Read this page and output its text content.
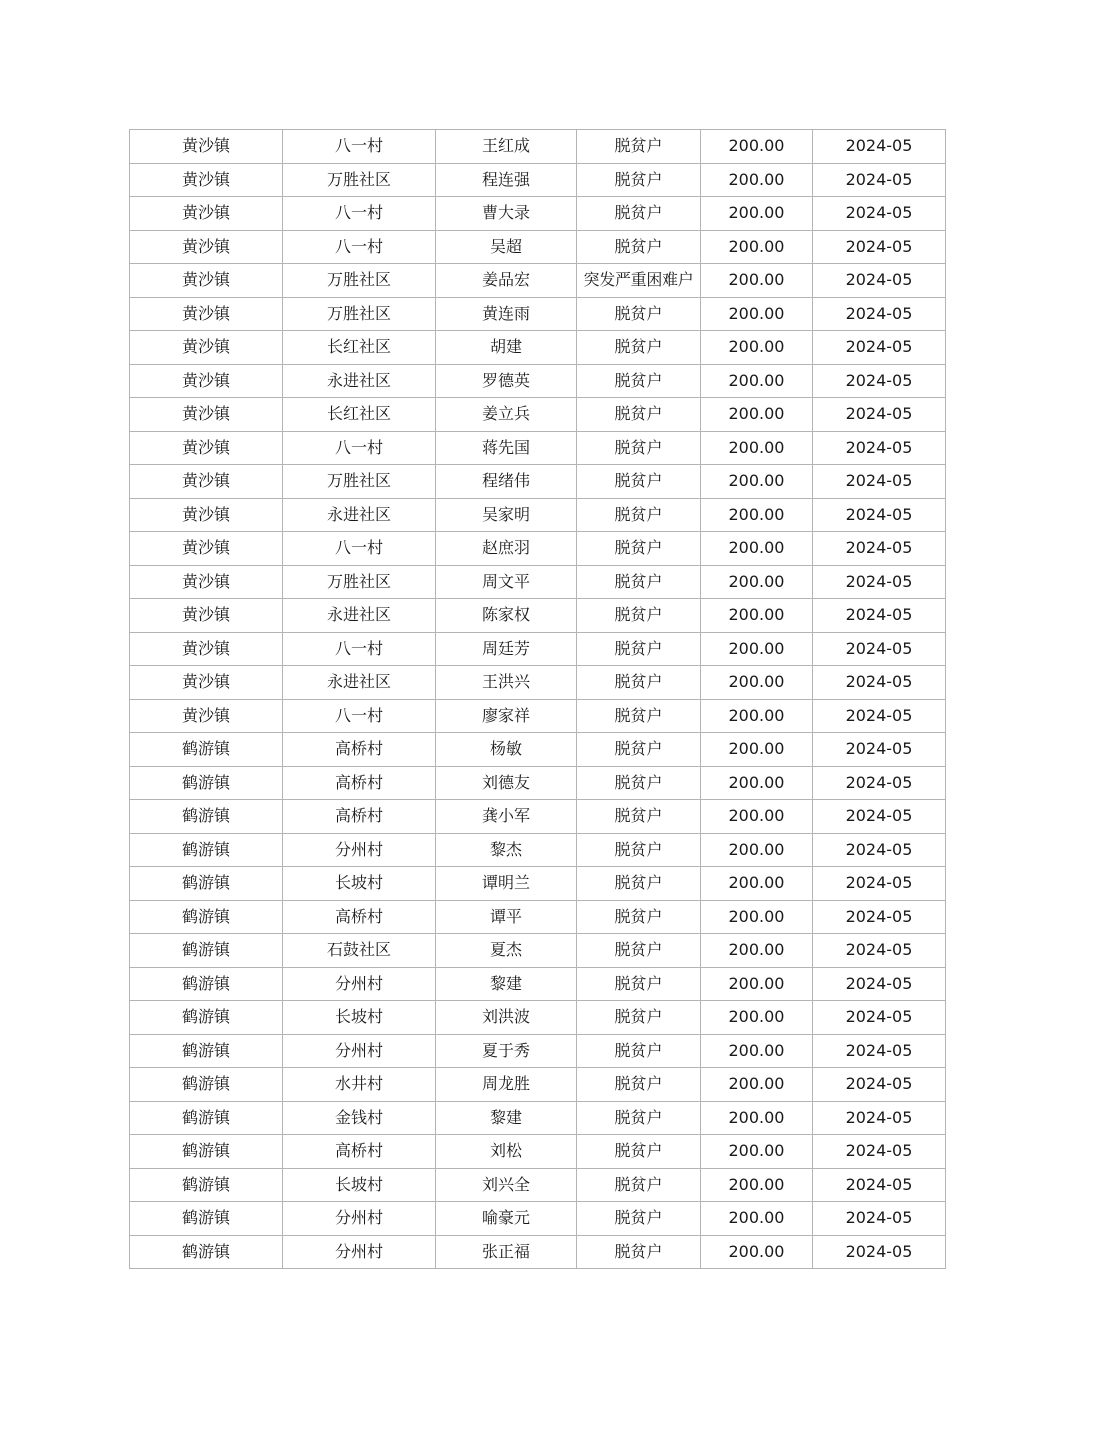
黄沙镇	八一村	王红成	脱贫户	200.00	2024-05
黄沙镇	万胜社区	程连强	脱贫户	200.00	2024-05
黄沙镇	八一村	曹大录	脱贫户	200.00	2024-05
黄沙镇	八一村	吴超	脱贫户	200.00	2024-05
黄沙镇	万胜社区	姜品宏	突发严重困难户	200.00	2024-05
黄沙镇	万胜社区	黄连雨	脱贫户	200.00	2024-05
黄沙镇	长红社区	胡建	脱贫户	200.00	2024-05
黄沙镇	永进社区	罗德英	脱贫户	200.00	2024-05
黄沙镇	长红社区	姜立兵	脱贫户	200.00	2024-05
黄沙镇	八一村	蒋先国	脱贫户	200.00	2024-05
黄沙镇	万胜社区	程绪伟	脱贫户	200.00	2024-05
黄沙镇	永进社区	吴家明	脱贫户	200.00	2024-05
黄沙镇	八一村	赵庶羽	脱贫户	200.00	2024-05
黄沙镇	万胜社区	周文平	脱贫户	200.00	2024-05
黄沙镇	永进社区	陈家权	脱贫户	200.00	2024-05
黄沙镇	八一村	周廷芳	脱贫户	200.00	2024-05
黄沙镇	永进社区	王洪兴	脱贫户	200.00	2024-05
黄沙镇	八一村	廖家祥	脱贫户	200.00	2024-05
鹤游镇	高桥村	杨敏	脱贫户	200.00	2024-05
鹤游镇	高桥村	刘德友	脱贫户	200.00	2024-05
鹤游镇	高桥村	龚小军	脱贫户	200.00	2024-05
鹤游镇	分州村	黎杰	脱贫户	200.00	2024-05
鹤游镇	长坡村	谭明兰	脱贫户	200.00	2024-05
鹤游镇	高桥村	谭平	脱贫户	200.00	2024-05
鹤游镇	石鼓社区	夏杰	脱贫户	200.00	2024-05
鹤游镇	分州村	黎建	脱贫户	200.00	2024-05
鹤游镇	长坡村	刘洪波	脱贫户	200.00	2024-05
鹤游镇	分州村	夏于秀	脱贫户	200.00	2024-05
鹤游镇	水井村	周龙胜	脱贫户	200.00	2024-05
鹤游镇	金钱村	黎建	脱贫户	200.00	2024-05
鹤游镇	高桥村	刘松	脱贫户	200.00	2024-05
鹤游镇	长坡村	刘兴全	脱贫户	200.00	2024-05
鹤游镇	分州村	喻豪元	脱贫户	200.00	2024-05
鹤游镇	分州村	张正福	脱贫户	200.00	2024-05
